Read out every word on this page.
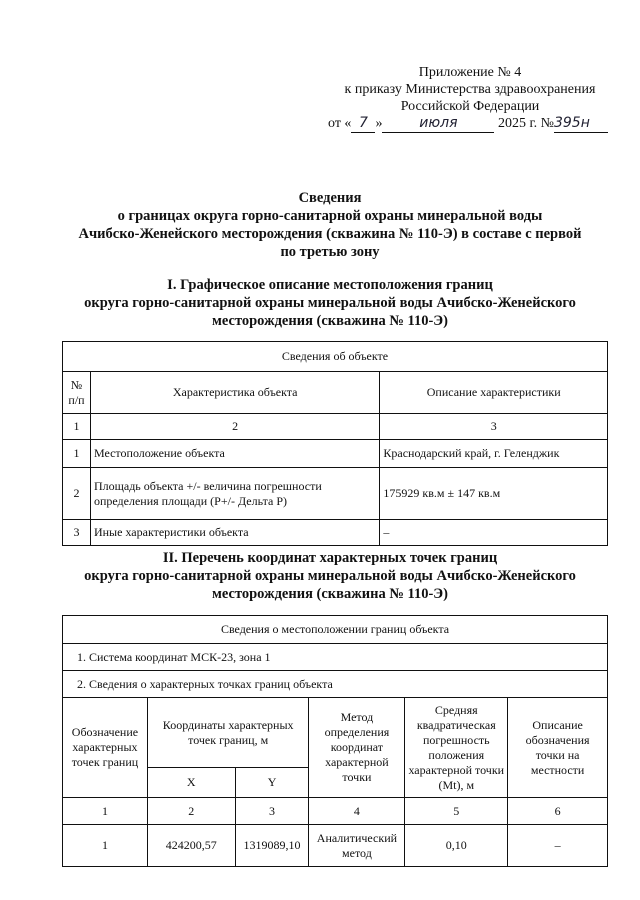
Приложение № 4
к приказу Министерства здравоохранения
Российской Федерации
от « 7 »	июля	2025 г. №395н
Сведения
о границах округа горно-санитарной охраны минеральной воды
Ачибско-Женейского месторождения (скважина № 110-Э) в составе с первой
по третью зону
I. Графическое описание местоположения границ
округа горно-санитарной охраны минеральной воды Ачибско-Женейского
месторождения (скважина № 110-Э)
Сведения об объекте		
№ п/п	Характеристика объекта	Описание характеристики
1	2	3
1	Местоположение объекта	Краснодарский край, г. Геленджик
2	Площадь объекта +/- величина погрешности определения площади (P+/- Дельта P)	175929 кв.м ± 147 кв.м
3	Иные характеристики объекта	–
II. Перечень координат характерных точек границ
округа горно-санитарной охраны минеральной воды Ачибско-Женейского
месторождения (скважина № 110-Э)
Сведения о местоположении границ объекта					
1. Система координат МСК-23, зона 1					
2. Сведения о характерных точках границ объекта					
Обозначение характерных точек границ	Координаты характерных точек границ, м		Метод определения координат характерной точки	Средняя квадратическая погрешность положения характерной точки (Mt), м	Описание обозначения точки на местности
	X	Y			
1	2	3	4	5	6
1	424200,57	1319089,10	Аналитический метод	0,10	–
